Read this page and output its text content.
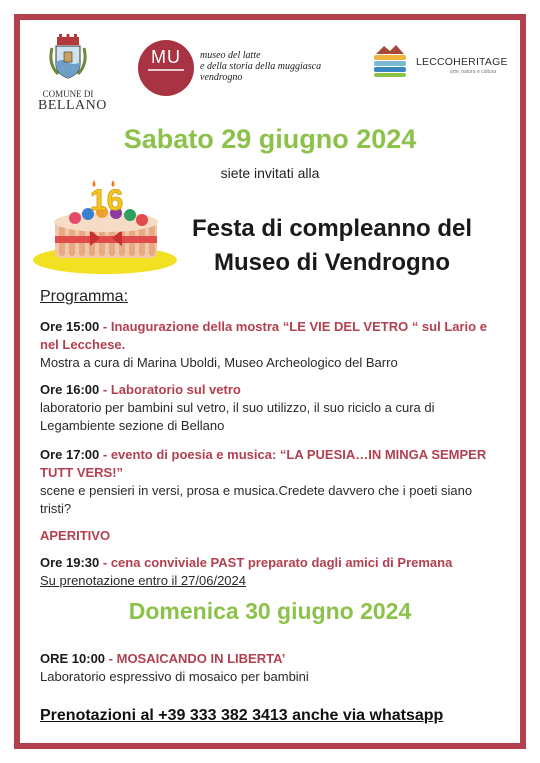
COMUNE DI
BELLANO
MU	museo del latte
e della storia della muggiasca
vendrogno
LECCOHERITAGE
arte, natura e cultura
Sabato 29 giugno 2024
siete invitati alla
16
Festa di compleanno del
Museo di Vendrogno
Programma:
Ore 15:00 - Inaugurazione della mostra “LE VIE DEL VETRO “ sul Lario e nel Lecchese.
Mostra a cura di Marina Uboldi, Museo Archeologico del Barro
Ore 16:00 - Laboratorio sul vetro
laboratorio per bambini sul vetro, il suo utilizzo, il suo riciclo a cura di Legambiente sezione di Bellano
Ore 17:00 - evento di poesia e musica: “LA PUESIA…IN MINGA SEMPER TUTT VERS!”
scene e pensieri in versi, prosa e musica.Credete davvero che i poeti siano tristi?
APERITIVO
Ore 19:30 - cena conviviale PAST preparato dagli amici di Premana
Su prenotazione entro il 27/06/2024
Domenica 30 giugno 2024
ORE 10:00 - MOSAICANDO IN LIBERTA’
Laboratorio espressivo di mosaico per bambini
Prenotazioni al +39 333 382 3413 anche via whatsapp
